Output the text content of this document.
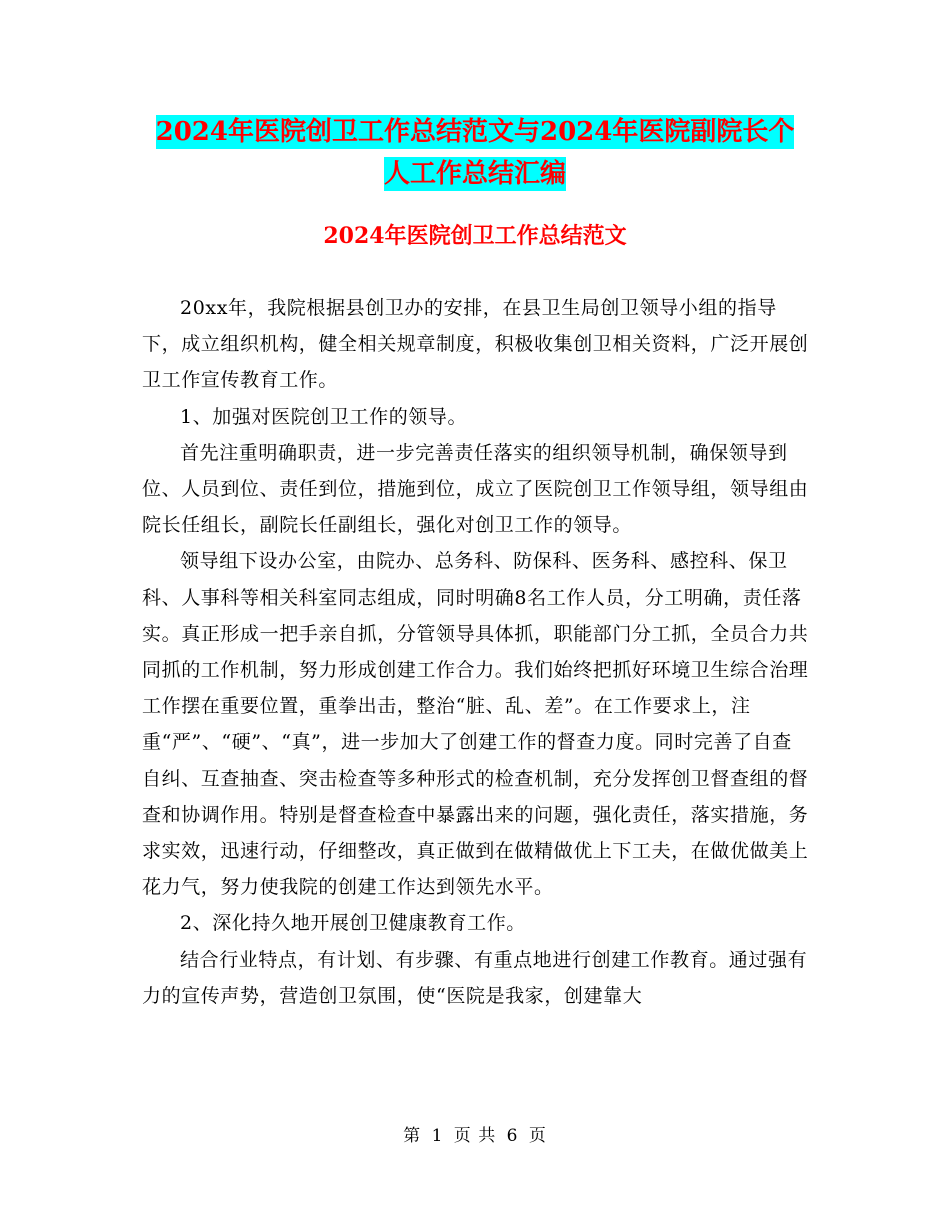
2024年医院创卫工作总结范文与2024年医院副院长个
人工作总结汇编
2024年医院创卫工作总结范文

20xx年，我院根据县创卫办的安排，在县卫生局创卫领导小组的指导下，成立组织机构，健全相关规章制度，积极收集创卫相关资料，广泛开展创卫工作宣传教育工作。

1、加强对医院创卫工作的领导。

首先注重明确职责，进一步完善责任落实的组织领导机制，确保领导到位、人员到位、责任到位，措施到位，成立了医院创卫工作领导组，领导组由院长任组长，副院长任副组长，强化对创卫工作的领导。

领导组下设办公室，由院办、总务科、防保科、医务科、感控科、保卫科、人事科等相关科室同志组成，同时明确8名工作人员，分工明确，责任落实。真正形成一把手亲自抓，分管领导具体抓，职能部门分工抓，全员合力共同抓的工作机制，努力形成创建工作合力。我们始终把抓好环境卫生综合治理工作摆在重要位置，重拳出击，整治“脏、乱、差”。在工作要求上，注重“严”、“硬”、“真”，进一步加大了创建工作的督查力度。同时完善了自查自纠、互查抽查、突击检查等多种形式的检查机制，充分发挥创卫督查组的督查和协调作用。特别是督查检查中暴露出来的问题，强化责任，落实措施，务求实效，迅速行动，仔细整改，真正做到在做精做优上下工夫，在做优做美上花力气，努力使我院的创建工作达到领先水平。

2、深化持久地开展创卫健康教育工作。

结合行业特点，有计划、有步骤、有重点地进行创建工作教育。通过强有力的宣传声势，营造创卫氛围，使“医院是我家，创建靠大

第 1 页 共 6 页
